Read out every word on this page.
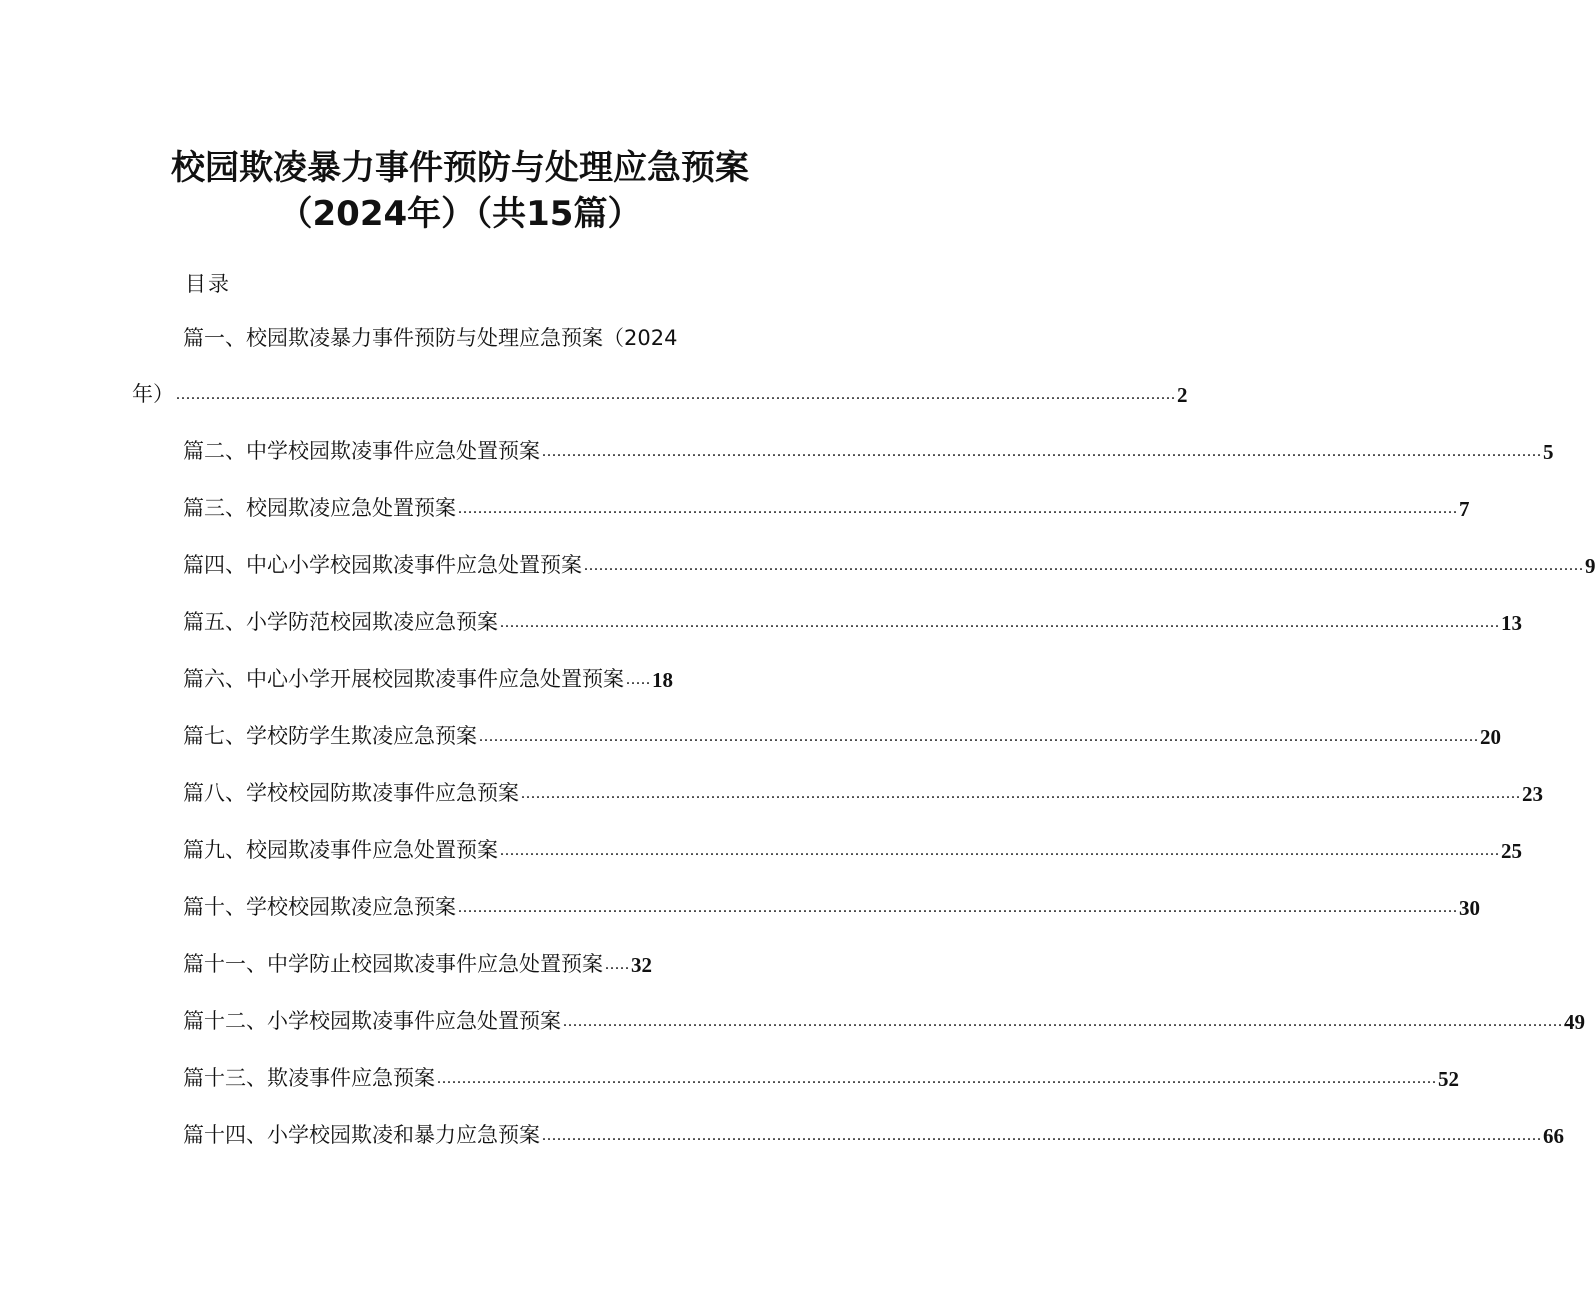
校园欺凌暴力事件预防与处理应急预案
（2024年）（共15篇）
目录
篇一、校园欺凌暴力事件预防与处理应急预案（2024
年） ........................................................................................................................................................................................................ 2
篇二、中学校园欺凌事件应急处置预案 ........................................................................................................................................................................................................ 5
篇三、校园欺凌应急处置预案 ........................................................................................................................................................................................................ 7
篇四、中心小学校园欺凌事件应急处置预案 ........................................................................................................................................................................................................ 9
篇五、小学防范校园欺凌应急预案 ........................................................................................................................................................................................................ 13
篇六、中心小学开展校园欺凌事件应急处置预案 ..... 18
篇七、学校防学生欺凌应急预案 ........................................................................................................................................................................................................ 20
篇八、学校校园防欺凌事件应急预案 ........................................................................................................................................................................................................ 23
篇九、校园欺凌事件应急处置预案 ........................................................................................................................................................................................................ 25
篇十、学校校园欺凌应急预案 ........................................................................................................................................................................................................ 30
篇十一、中学防止校园欺凌事件应急处置预案 ..... 32
篇十二、小学校园欺凌事件应急处置预案 ........................................................................................................................................................................................................ 49
篇十三、欺凌事件应急预案 ........................................................................................................................................................................................................ 52
篇十四、小学校园欺凌和暴力应急预案 ........................................................................................................................................................................................................ 66
